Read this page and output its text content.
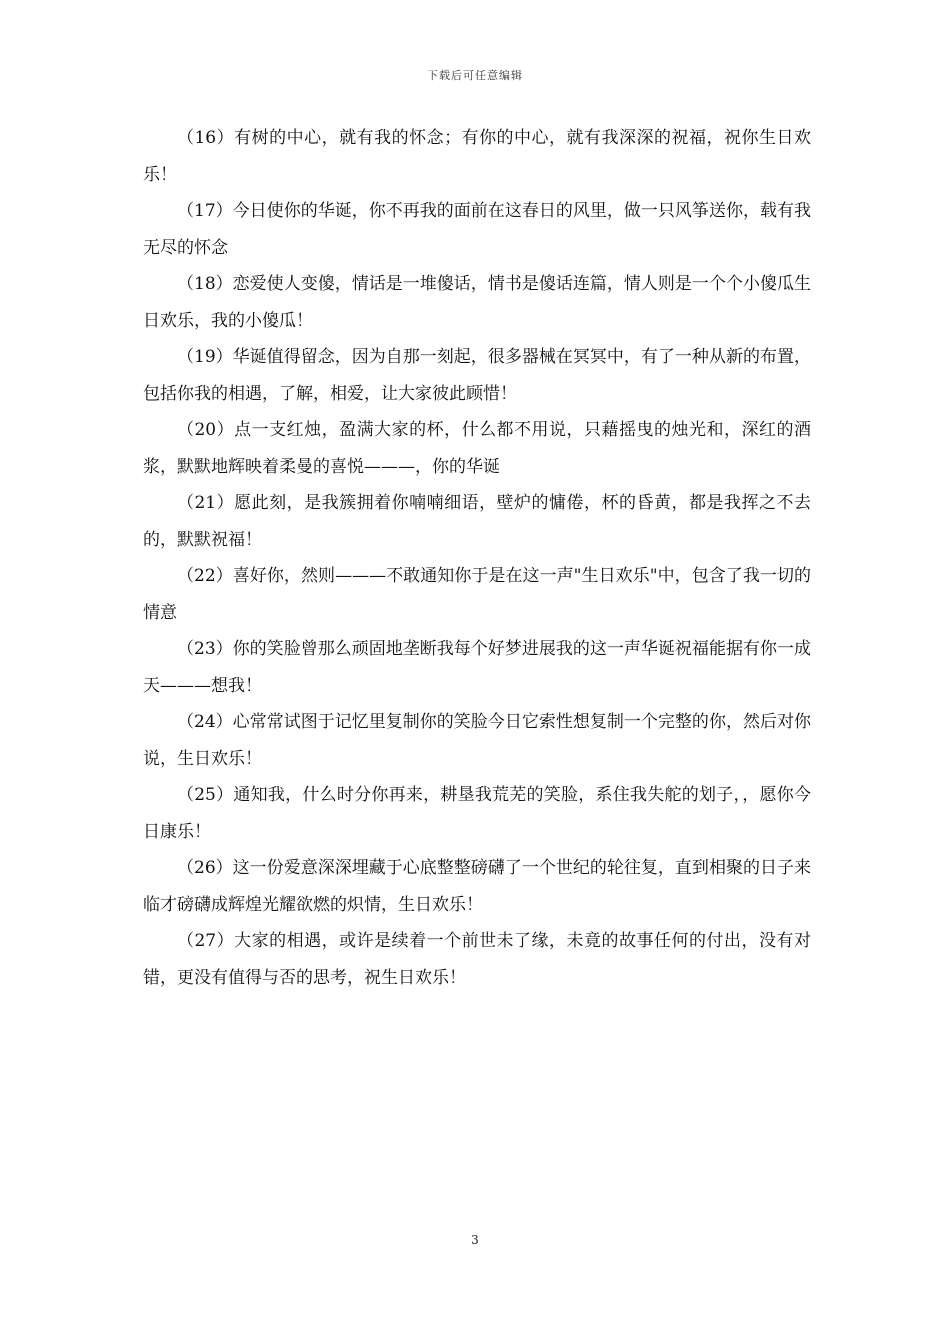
下载后可任意编辑

（16）有树的中心，就有我的怀念；有你的中心，就有我深深的祝福，祝你生日欢乐！

（17）今日使你的华诞，你不再我的面前在这春日的风里，做一只风筝送你，载有我无尽的怀念

（18）恋爱使人变傻，情话是一堆傻话，情书是傻话连篇，情人则是一个个小傻瓜生日欢乐，我的小傻瓜！

（19）华诞值得留念，因为自那一刻起，很多器械在冥冥中，有了一种从新的布置，包括你我的相遇，了解，相爱，让大家彼此顾惜！

（20）点一支红烛，盈满大家的杯，什么都不用说，只藉摇曳的烛光和，深红的酒浆，默默地辉映着柔曼的喜悦———，你的华诞

（21）愿此刻，是我簇拥着你喃喃细语，壁炉的慵倦，杯的昏黄，都是我挥之不去的，默默祝福！

（22）喜好你，然则———不敢通知你于是在这一声"生日欢乐"中，包含了我一切的情意

（23）你的笑脸曾那么顽固地垄断我每个好梦进展我的这一声华诞祝福能据有你一成天———想我！

（24）心常常试图于记忆里复制你的笑脸今日它索性想复制一个完整的你，然后对你说，生日欢乐！

（25）通知我，什么时分你再来，耕垦我荒芜的笑脸，系住我失舵的划子，，愿你今日康乐！

（26）这一份爱意深深埋藏于心底整整磅礴了一个世纪的轮往复，直到相聚的日子来临才磅礴成辉煌光耀欲燃的炽情，生日欢乐！

（27）大家的相遇，或许是续着一个前世未了缘，未竟的故事任何的付出，没有对错，更没有值得与否的思考，祝生日欢乐！

3
